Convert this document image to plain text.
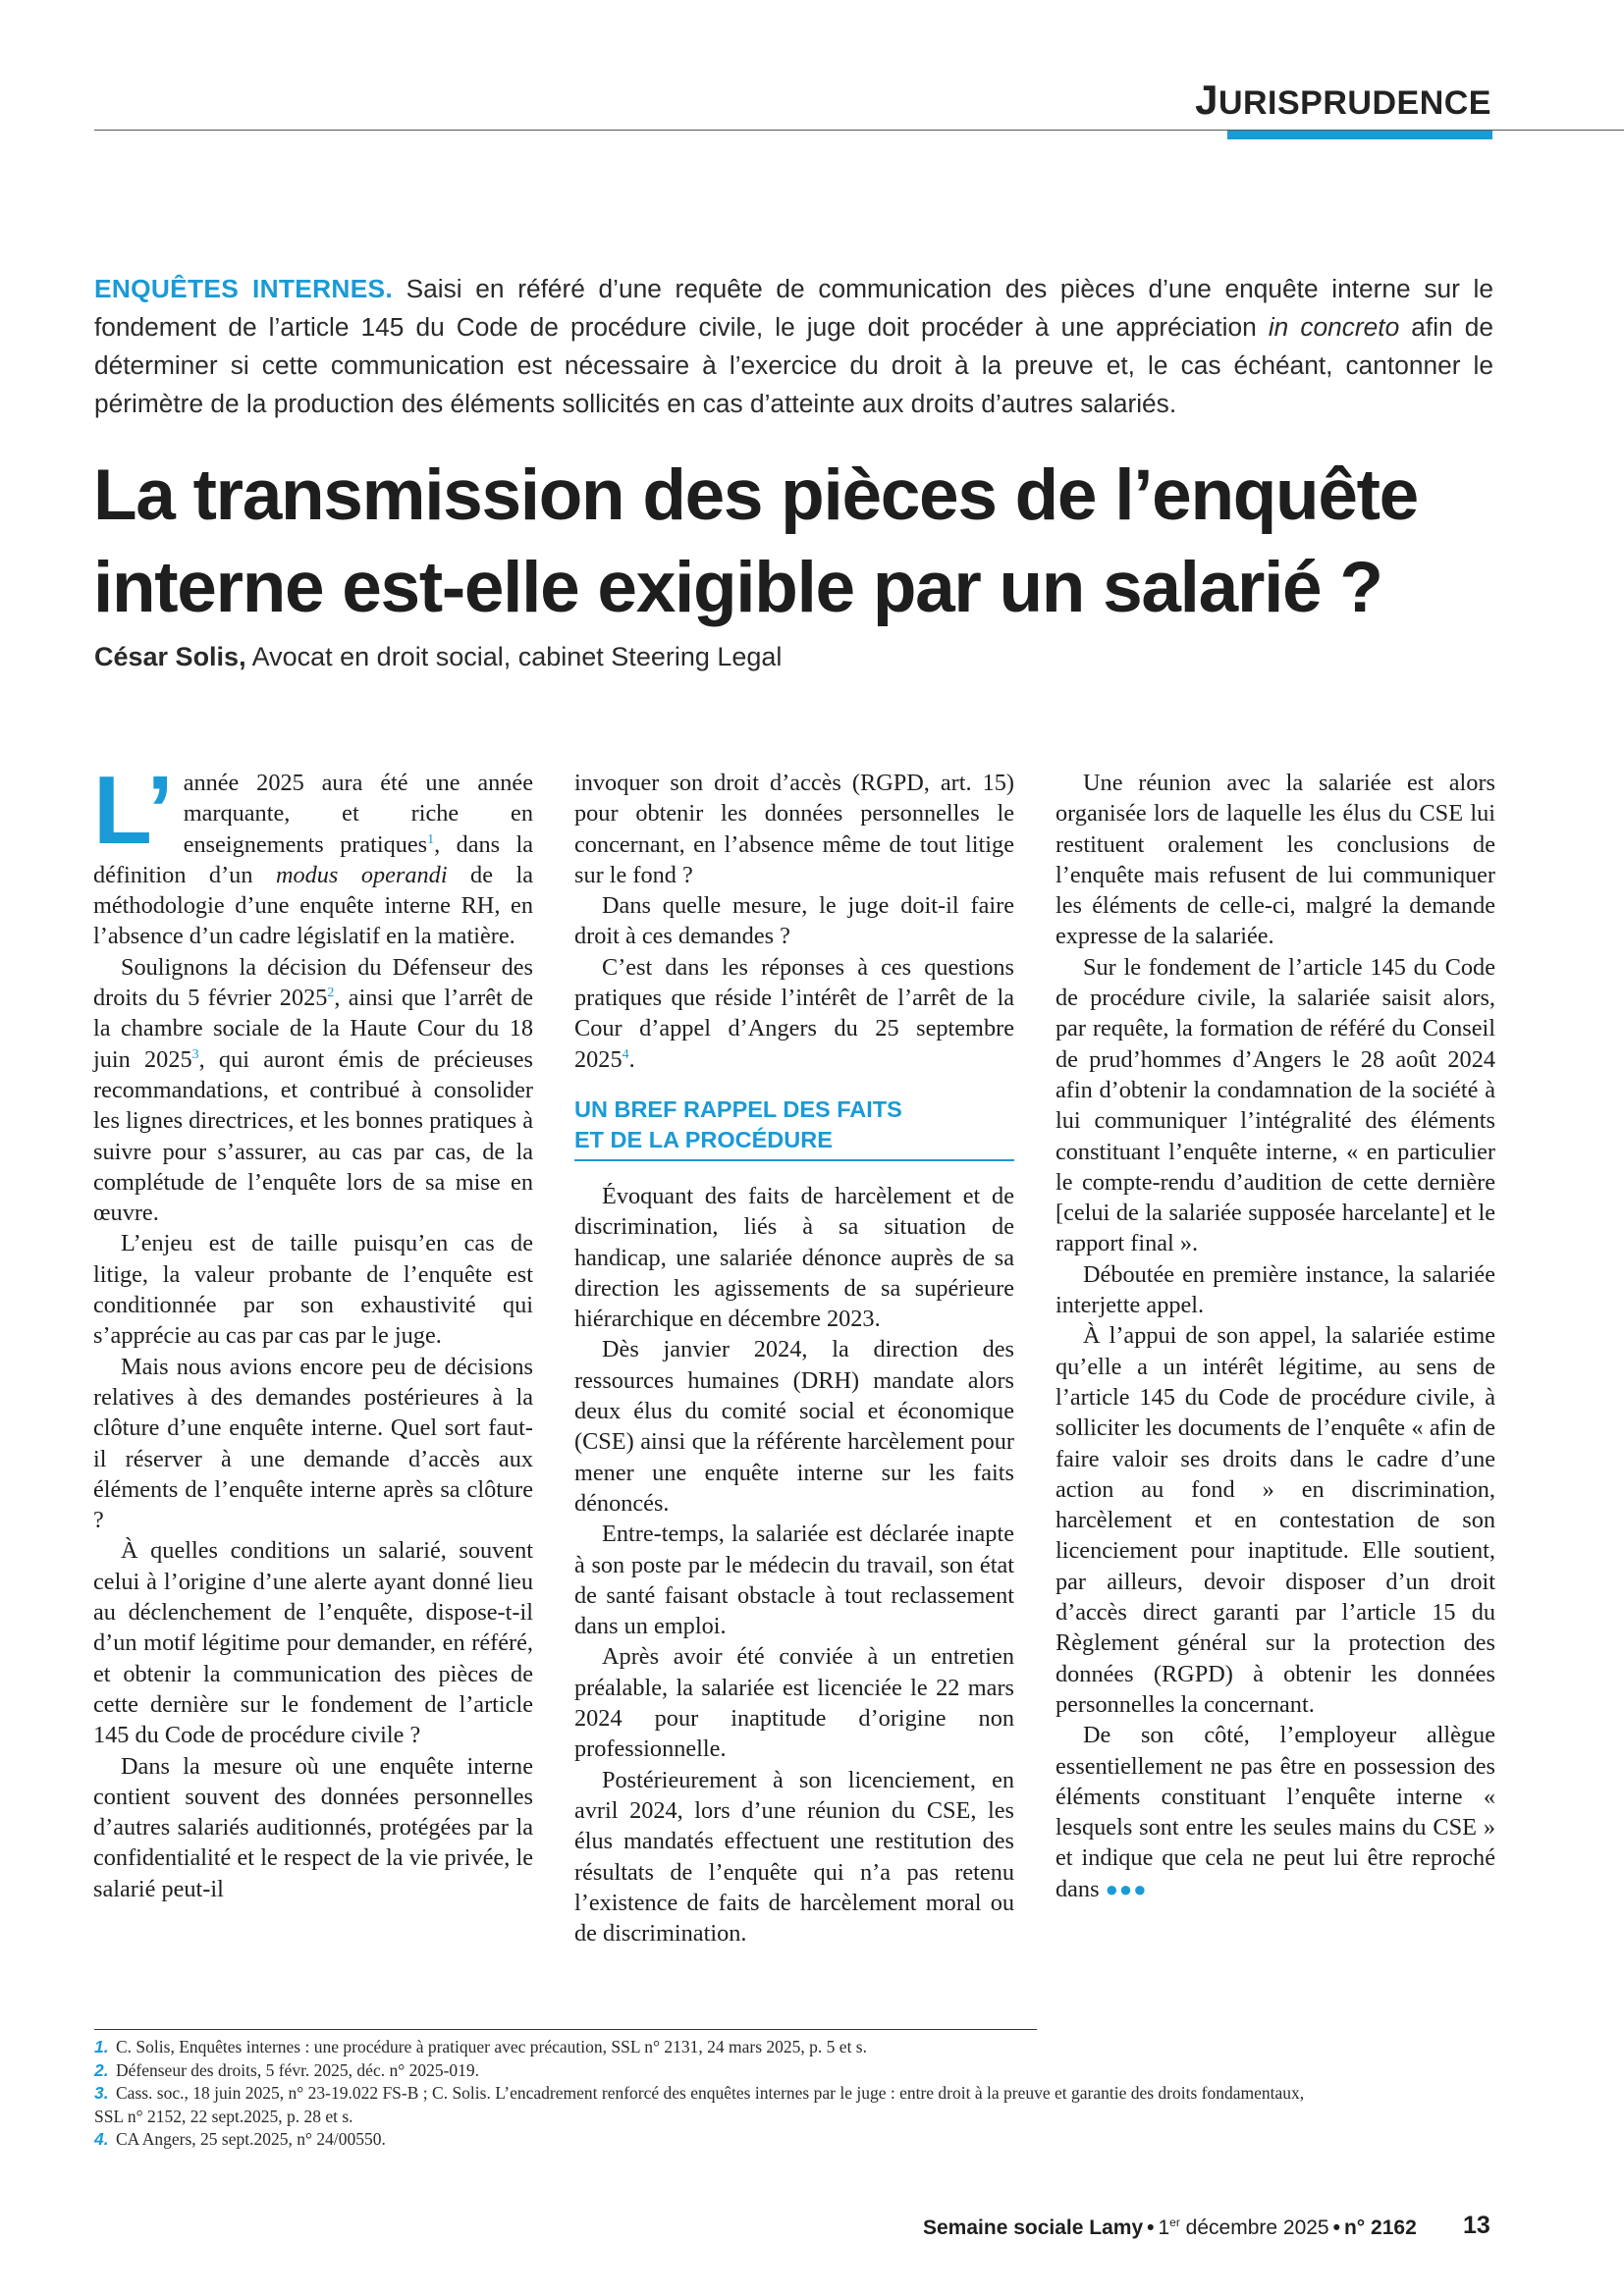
JURISPRUDENCE
ENQUÊTES INTERNES. Saisi en référé d’une requête de communication des pièces d’une enquête interne sur le fondement de l’article 145 du Code de procédure civile, le juge doit procéder à une appréciation in concreto afin de déterminer si cette communication est nécessaire à l’exercice du droit à la preuve et, le cas échéant, cantonner le périmètre de la production des éléments sollicités en cas d’atteinte aux droits d’autres salariés.
La transmission des pièces de l’enquête
interne est-elle exigible par un salarié ?
César Solis, Avocat en droit social, cabinet Steering Legal

L’ année 2025 aura été une année marquante, et riche en enseignements pratiques$^1$, dans la définition d’un modus operandi de la méthodologie d’une enquête interne RH, en l’absence d’un cadre législatif en la matière.

Soulignons la décision du Défenseur des droits du 5 février 2025$^2$, ainsi que l’arrêt de la chambre sociale de la Haute Cour du 18 juin 2025$^3$, qui auront émis de précieuses recommandations, et contribué à consolider les lignes directrices, et les bonnes pratiques à suivre pour s’assurer, au cas par cas, de la complétude de l’enquête lors de sa mise en œuvre.

L’enjeu est de taille puisqu’en cas de litige, la valeur probante de l’enquête est conditionnée par son exhaustivité qui s’apprécie au cas par cas par le juge.

Mais nous avions encore peu de décisions relatives à des demandes postérieures à la clôture d’une enquête interne. Quel sort faut-il réserver à une demande d’accès aux éléments de l’enquête interne après sa clôture ?

À quelles conditions un salarié, souvent celui à l’origine d’une alerte ayant donné lieu au déclenchement de l’enquête, dispose-t-il d’un motif légitime pour demander, en référé, et obtenir la communication des pièces de cette dernière sur le fondement de l’article 145 du Code de procédure civile ?

Dans la mesure où une enquête interne contient souvent des données personnelles d’autres salariés auditionnés, protégées par la confidentialité et le respect de la vie privée, le salarié peut-il

invoquer son droit d’accès (RGPD, art. 15) pour obtenir les données personnelles le concernant, en l’absence même de tout litige sur le fond ?

Dans quelle mesure, le juge doit-il faire droit à ces demandes ?

C’est dans les réponses à ces questions pratiques que réside l’intérêt de l’arrêt de la Cour d’appel d’Angers du 25 septembre 2025$^4$.

UN BREF RAPPEL DES FAITS
ET DE LA PROCÉDURE

Évoquant des faits de harcèlement et de discrimination, liés à sa situation de handicap, une salariée dénonce auprès de sa direction les agissements de sa supérieure hiérarchique en décembre 2023.

Dès janvier 2024, la direction des ressources humaines (DRH) mandate alors deux élus du comité social et économique (CSE) ainsi que la référente harcèlement pour mener une enquête interne sur les faits dénoncés.

Entre-temps, la salariée est déclarée inapte à son poste par le médecin du travail, son état de santé faisant obstacle à tout reclassement dans un emploi.

Après avoir été conviée à un entretien préalable, la salariée est licenciée le 22 mars 2024 pour inaptitude d’origine non professionnelle.

Postérieurement à son licenciement, en avril 2024, lors d’une réunion du CSE, les élus mandatés effectuent une restitution des résultats de l’enquête qui n’a pas retenu l’existence de faits de harcèlement moral ou de discrimination.

Une réunion avec la salariée est alors organisée lors de laquelle les élus du CSE lui restituent oralement les conclusions de l’enquête mais refusent de lui communiquer les éléments de celle-ci, malgré la demande expresse de la salariée.

Sur le fondement de l’article 145 du Code de procédure civile, la salariée saisit alors, par requête, la formation de référé du Conseil de prud’hommes d’Angers le 28 août 2024 afin d’obtenir la condamnation de la société à lui communiquer l’intégralité des éléments constituant l’enquête interne, « en particulier le compte-rendu d’audition de cette dernière [celui de la salariée supposée harcelante] et le rapport final ».

Déboutée en première instance, la salariée interjette appel.

À l’appui de son appel, la salariée estime qu’elle a un intérêt légitime, au sens de l’article 145 du Code de procédure civile, à solliciter les documents de l’enquête « afin de faire valoir ses droits dans le cadre d’une action au fond » en discrimination, harcèlement et en contestation de son licenciement pour inaptitude. Elle soutient, par ailleurs, devoir disposer d’un droit d’accès direct garanti par l’article 15 du Règlement général sur la protection des données (RGPD) à obtenir les données personnelles la concernant.

De son côté, l’employeur allègue essentiellement ne pas être en possession des éléments constituant l’enquête interne « lesquels sont entre les seules mains du CSE » et indique que cela ne peut lui être reproché dans ●●●

1. C. Solis, Enquêtes internes : une procédure à pratiquer avec précaution, SSL n° 2131, 24 mars 2025, p. 5 et s.
2. Défenseur des droits, 5 févr. 2025, déc. n° 2025-019.
3. Cass. soc., 18 juin 2025, n° 23-19.022 FS-B ; C. Solis. L’encadrement renforcé des enquêtes internes par le juge : entre droit à la preuve et garantie des droits fondamentaux,
SSL n° 2152, 22 sept.2025, p. 28 et s.
4. CA Angers, 25 sept.2025, n° 24/00550.
Semaine sociale Lamy • 1er décembre 2025 • n° 2162 13
